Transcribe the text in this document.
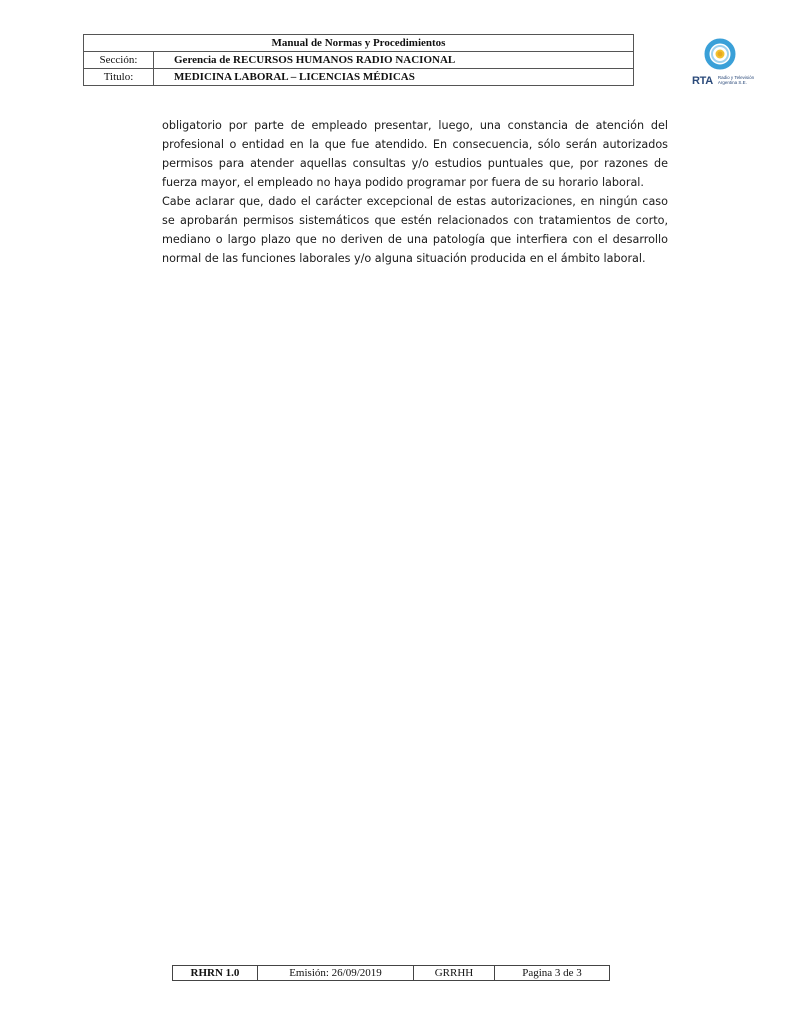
Manual de Normas y Procedimientos	
Sección:	Gerencia de RECURSOS HUMANOS RADIO NACIONAL
Titulo:	MEDICINA LABORAL – LICENCIAS MÉDICAS	RTA Radio y Televisión
Argentina S.E.

obligatorio por parte de empleado presentar, luego, una constancia de atención del profesional o entidad en la que fue atendido. En consecuencia, sólo serán autorizados permisos para atender aquellas consultas y/o estudios puntuales que, por razones de fuerza mayor, el empleado no haya podido programar por fuera de su horario laboral.

Cabe aclarar que, dado el carácter excepcional de estas autorizaciones, en ningún caso se aprobarán permisos sistemáticos que estén relacionados con tratamientos de corto, mediano o largo plazo que no deriven de una patología que interfiera con el desarrollo normal de las funciones laborales y/o alguna situación producida en el ámbito laboral.

RHRN 1.0	Emisión: 26/09/2019	GRRHH	Pagina 3 de 3
